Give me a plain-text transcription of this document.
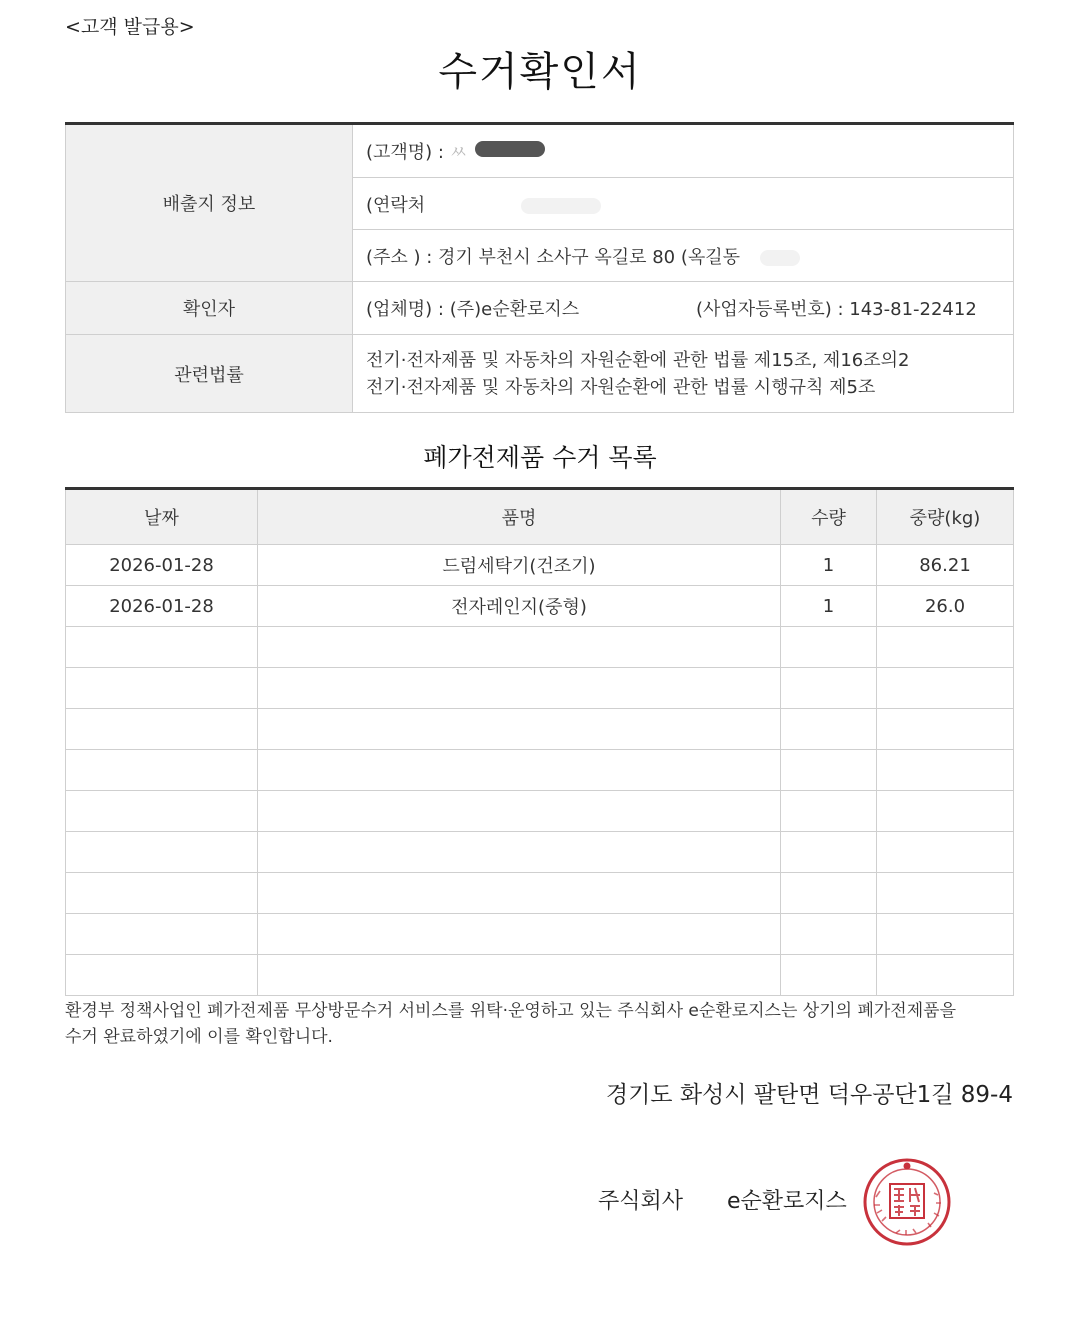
<고객 발급용>
수거확인서
배출지 정보	(고객명) : ㅆ
	(연락처
	(주소 ) : 경기 부천시 소사구 옥길로 80 (옥길동
확인자	(업체명) : (주)e순환로지스 (사업자등록번호) : 143-81-22412
관련법률	전기·전자제품 및 자동차의 자원순환에 관한 법률 제15조, 제16조의2
전기·전자제품 및 자동차의 자원순환에 관한 법률 시행규칙 제5조
폐가전제품 수거 목록
날짜	품명	수량	중량(kg)
2026-01-28	드럼세탁기(건조기)	1	86.21
2026-01-28	전자레인지(중형)	1	26.0

환경부 정책사업인 폐가전제품 무상방문수거 서비스를 위탁·운영하고 있는 주식회사 e순환로지스는 상기의 폐가전제품을
수거 완료하였기에 이를 확인합니다.
경기도 화성시 팔탄면 덕우공단1길 89-4
주식회사 e순환로지스
